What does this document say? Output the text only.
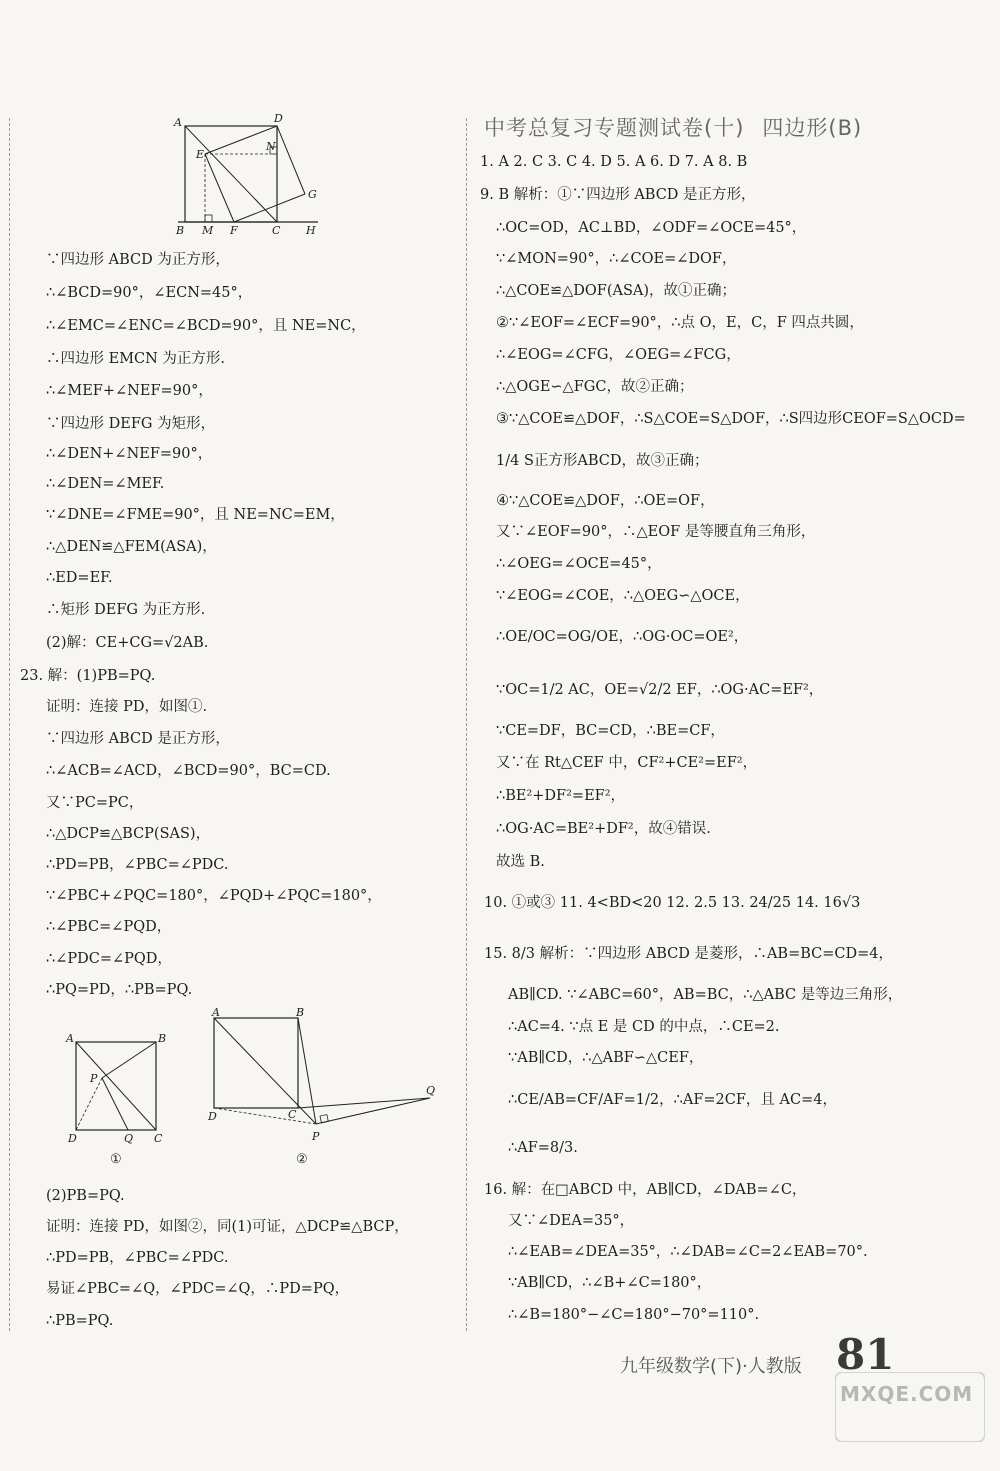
A	D
E
N
G
B M F	C H
∵四边形 ABCD 为正方形，
∴∠BCD=90°，∠ECN=45°，
∴∠EMC=∠ENC=∠BCD=90°，且 NE=NC，
∴四边形 EMCN 为正方形.
∴∠MEF+∠NEF=90°，
∵四边形 DEFG 为矩形，
∴∠DEN+∠NEF=90°，
∴∠DEN=∠MEF.
∵∠DNE=∠FME=90°，且 NE=NC=EM，
∴△DEN≌△FEM(ASA)，
∴ED=EF.
∴矩形 DEFG 为正方形.
(2)解：CE+CG=√2AB.
23. 解：(1)PB=PQ.
证明：连接 PD，如图①.
∵四边形 ABCD 是正方形，
∴∠ACB=∠ACD，∠BCD=90°，BC=CD.
又∵PC=PC，
∴△DCP≌△BCP(SAS)，
∴PD=PB，∠PBC=∠PDC.
∵∠PBC+∠PQC=180°，∠PQD+∠PQC=180°，
∴∠PBC=∠PQD，
∴∠PDC=∠PQD，
∴PQ=PD，∴PB=PQ.
(2)PB=PQ.
证明：连接 PD，如图②，同(1)可证，△DCP≌△BCP，
∴PD=PB，∠PBC=∠PDC.
易证∠PBC=∠Q，∠PDC=∠Q，∴PD=PQ，
∴PB=PQ.
A	B
P
D	Q C
①
A	B
D	C
P
Q
②
中考总复习专题测试卷(十) 四边形(B)
1. A 2. C 3. C 4. D 5. A 6. D 7. A 8. B
9. B 解析：①∵四边形 ABCD 是正方形，
∴OC=OD，AC⊥BD，∠ODF=∠OCE=45°，
∵∠MON=90°，∴∠COE=∠DOF，
∴△COE≌△DOF(ASA)，故①正确；
②∵∠EOF=∠ECF=90°，∴点 O，E，C，F 四点共圆，
∴∠EOG=∠CFG，∠OEG=∠FCG，
∴△OGE∽△FGC，故②正确；
③∵△COE≌△DOF，∴S△COE=S△DOF，∴S四边形CEOF=S△OCD=
1/4 S正方形ABCD，故③正确；
④∵△COE≌△DOF，∴OE=OF，
又∵∠EOF=90°，∴△EOF 是等腰直角三角形，
∴∠OEG=∠OCE=45°，
∵∠EOG=∠COE，∴△OEG∽△OCE，
∴OE/OC=OG/OE，∴OG·OC=OE²，
∵OC=1/2 AC，OE=√2/2 EF，∴OG·AC=EF²，
∵CE=DF，BC=CD，∴BE=CF，
又∵在 Rt△CEF 中，CF²+CE²=EF²，
∴BE²+DF²=EF²，
∴OG·AC=BE²+DF²，故④错误.
故选 B.
10. ①或③ 11. 4<BD<20 12. 2.5 13. 24/25 14. 16√3
15. 8/3 解析：∵四边形 ABCD 是菱形，∴AB=BC=CD=4，
AB∥CD. ∵∠ABC=60°，AB=BC，∴△ABC 是等边三角形，
∴AC=4. ∵点 E 是 CD 的中点，∴CE=2.
∵AB∥CD，∴△ABF∽△CEF，
∴CE/AB=CF/AF=1/2，∴AF=2CF，且 AC=4，
∴AF=8/3.
16. 解：在□ABCD 中，AB∥CD，∠DAB=∠C，
又∵∠DEA=35°，
∴∠EAB=∠DEA=35°，∴∠DAB=∠C=2∠EAB=70°.
∵AB∥CD，∴∠B+∠C=180°，
∴∠B=180°−∠C=180°−70°=110°.
九年级数学(下)·人教版 81
MXQE.COM
